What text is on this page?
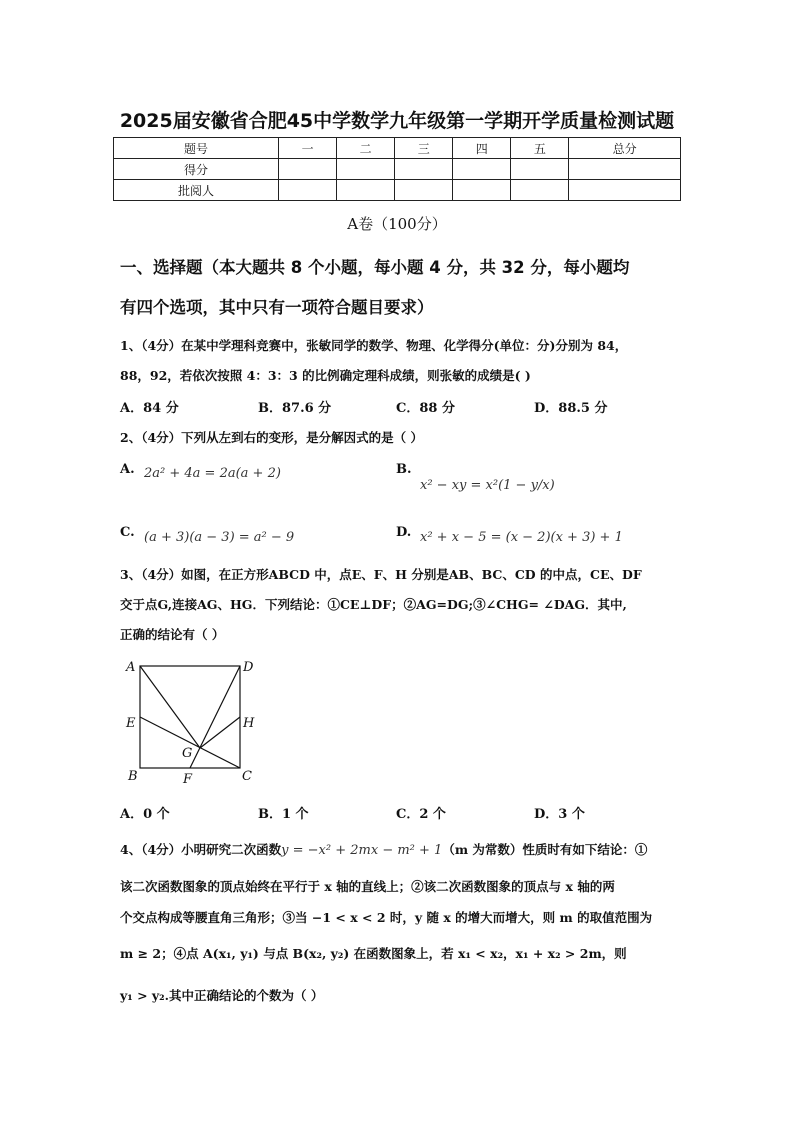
2025届安徽省合肥45中学数学九年级第一学期开学质量检测试题
题号	一	二	三	四	五	总分
得分						
批阅人						
A卷（100分）
一、选择题（本大题共 8 个小题，每小题 4 分，共 32 分，每小题均
有四个选项，其中只有一项符合题目要求）
1、（4分）在某中学理科竞赛中，张敏同学的数学、物理、化学得分(单位：分)分别为 84，
88，92，若依次按照 4：3：3 的比例确定理科成绩，则张敏的成绩是( )
A．84 分	B．87.6 分	C．88 分	D．88.5 分
2、（4分）下列从左到右的变形，是分解因式的是（ ）
A. 2a² + 4a = 2a(a + 2)	B.
x² − xy = x²(1 − y/x)
C. (a + 3)(a − 3) = a² − 9	D. x² + x − 5 = (x − 2)(x + 3) + 1
3、（4分）如图，在正方形ABCD 中，点E、F、H 分别是AB、BC、CD 的中点，CE、DF
交于点G,连接AG、HG．下列结论：①CE⊥DF；②AG=DG;③∠CHG= ∠DAG．其中,
正确的结论有（ ）
A	D
E	H
G
B	F	C
A．0 个	B．1 个	C．2 个	D．3 个
4、（4分）小明研究二次函数y = −x² + 2mx − m² + 1（m 为常数）性质时有如下结论：①
该二次函数图象的顶点始终在平行于 x 轴的直线上；②该二次函数图象的顶点与 x 轴的两
个交点构成等腰直角三角形；③当 −1 < x < 2 时，y 随 x 的增大而增大，则 m 的取值范围为
m ≥ 2；④点 A(x₁, y₁) 与点 B(x₂, y₂) 在函数图象上，若 x₁ < x₂，x₁ + x₂ > 2m，则
y₁ > y₂.其中正确结论的个数为（ ）
